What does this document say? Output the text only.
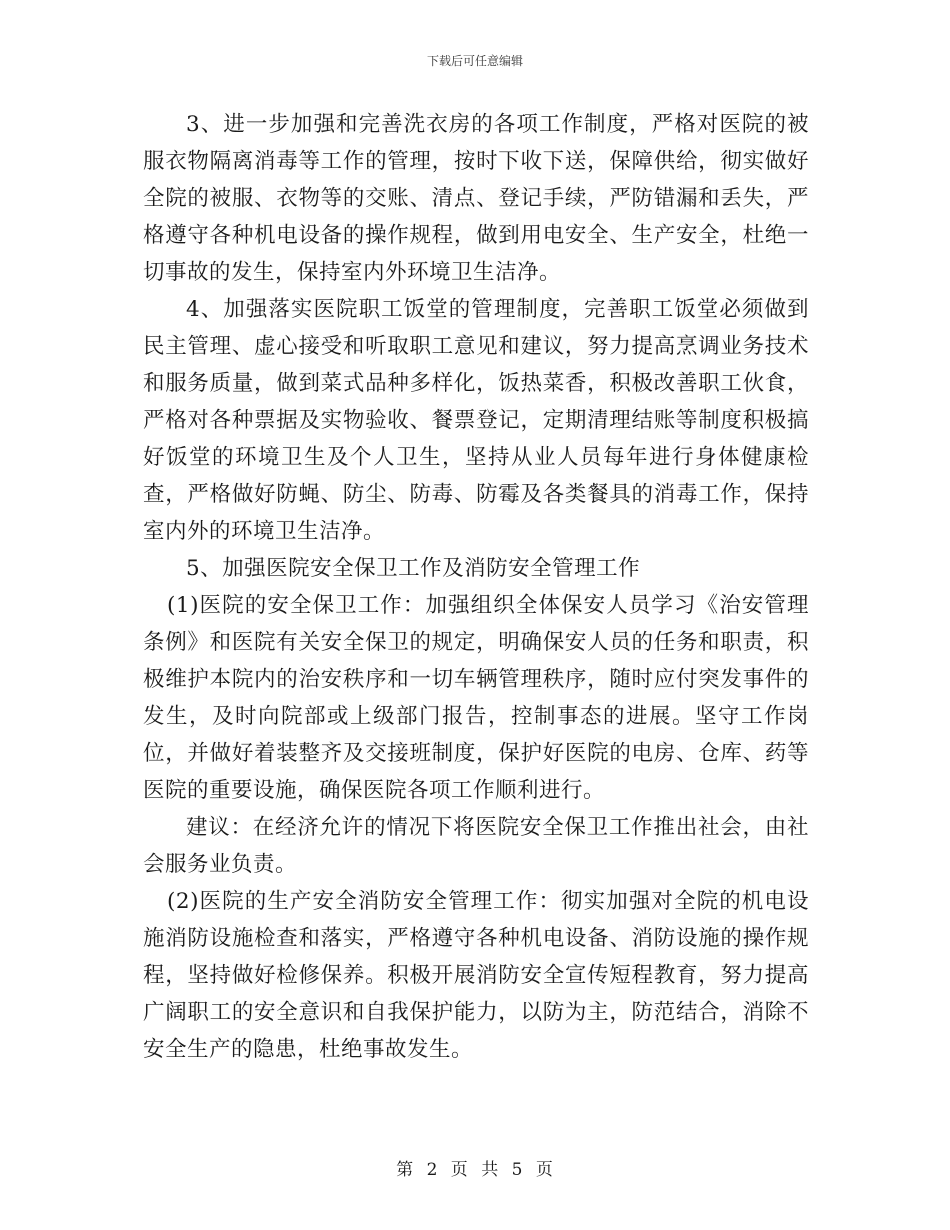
下载后可任意编辑

3、进一步加强和完善洗衣房的各项工作制度，严格对医院的被服衣物隔离消毒等工作的管理，按时下收下送，保障供给，彻实做好全院的被服、衣物等的交账、清点、登记手续，严防错漏和丢失，严格遵守各种机电设备的操作规程，做到用电安全、生产安全，杜绝一切事故的发生，保持室内外环境卫生洁净。

4、加强落实医院职工饭堂的管理制度，完善职工饭堂必须做到民主管理、虚心接受和听取职工意见和建议，努力提高烹调业务技术和服务质量，做到菜式品种多样化，饭热菜香，积极改善职工伙食，严格对各种票据及实物验收、餐票登记，定期清理结账等制度积极搞好饭堂的环境卫生及个人卫生，坚持从业人员每年进行身体健康检查，严格做好防蝇、防尘、防毒、防霉及各类餐具的消毒工作，保持室内外的环境卫生洁净。

5、加强医院安全保卫工作及消防安全管理工作

(1)医院的安全保卫工作：加强组织全体保安人员学习《治安管理条例》和医院有关安全保卫的规定，明确保安人员的任务和职责，积极维护本院内的治安秩序和一切车辆管理秩序，随时应付突发事件的发生，及时向院部或上级部门报告，控制事态的进展。坚守工作岗位，并做好着装整齐及交接班制度，保护好医院的电房、仓库、药等医院的重要设施，确保医院各项工作顺利进行。

建议：在经济允许的情况下将医院安全保卫工作推出社会，由社会服务业负责。

(2)医院的生产安全消防安全管理工作：彻实加强对全院的机电设施消防设施检查和落实，严格遵守各种机电设备、消防设施的操作规程，坚持做好检修保养。积极开展消防安全宣传短程教育，努力提高广阔职工的安全意识和自我保护能力，以防为主，防范结合，消除不安全生产的隐患，杜绝事故发生。

第 2 页 共 5 页
